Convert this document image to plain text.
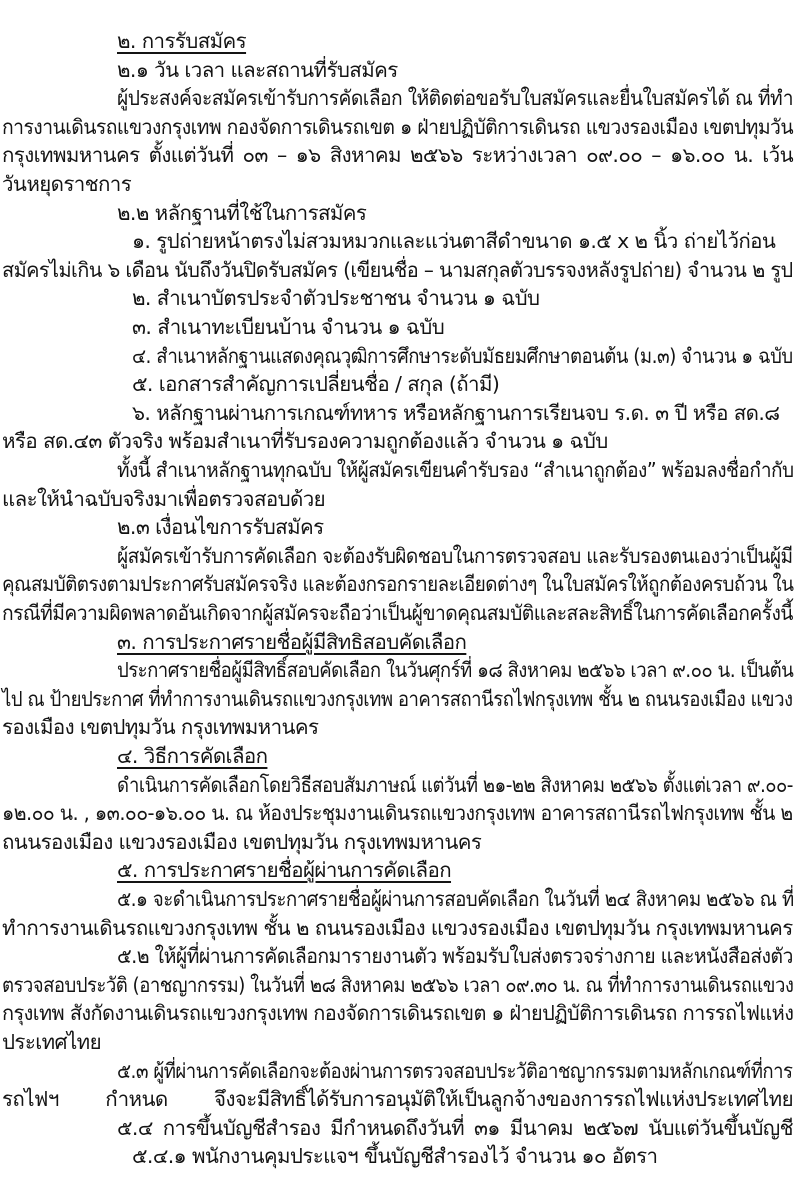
๒. การรับสมัคร
๒.๑ วัน เวลา และสถานที่รับสมัคร
ผู้ประสงค์จะสมัครเข้ารับการคัดเลือก ให้ติดต่อขอรับใบสมัครและยื่นใบสมัครได้ ณ ที่ทำ
การงานเดินรถแขวงกรุงเทพ กองจัดการเดินรถเขต ๑ ฝ่ายปฏิบัติการเดินรถ แขวงรองเมือง เขตปทุมวัน
กรุงเทพมหานคร ตั้งแต่วันที่ ๐๓ – ๑๖ สิงหาคม ๒๕๖๖ ระหว่างเวลา ๐๙.๐๐ – ๑๖.๐๐ น. เว้น
วันหยุดราชการ
๒.๒ หลักฐานที่ใช้ในการสมัคร
๑. รูปถ่ายหน้าตรงไม่สวมหมวกและแว่นตาสีดำขนาด ๑.๕ x ๒ นิ้ว ถ่ายไว้ก่อน
สมัครไม่เกิน ๖ เดือน นับถึงวันปิดรับสมัคร (เขียนชื่อ – นามสกุลตัวบรรจงหลังรูปถ่าย) จำนวน ๒ รูป
๒. สำเนาบัตรประจำตัวประชาชน จำนวน ๑ ฉบับ
๓. สำเนาทะเบียนบ้าน จำนวน ๑ ฉบับ
๔. สำเนาหลักฐานแสดงคุณวุฒิการศึกษาระดับมัธยมศึกษาตอนต้น (ม.๓) จำนวน ๑ ฉบับ
๕. เอกสารสำคัญการเปลี่ยนชื่อ / สกุล (ถ้ามี)
๖. หลักฐานผ่านการเกณฑ์ทหาร หรือหลักฐานการเรียนจบ ร.ด. ๓ ปี หรือ สด.๘
หรือ สด.๔๓ ตัวจริง พร้อมสำเนาที่รับรองความถูกต้องแล้ว จำนวน ๑ ฉบับ
ทั้งนี้ สำเนาหลักฐานทุกฉบับ ให้ผู้สมัครเขียนคำรับรอง “สำเนาถูกต้อง” พร้อมลงชื่อกำกับ
และให้นำฉบับจริงมาเพื่อตรวจสอบด้วย
๒.๓ เงื่อนไขการรับสมัคร
ผู้สมัครเข้ารับการคัดเลือก จะต้องรับผิดชอบในการตรวจสอบ และรับรองตนเองว่าเป็นผู้มี
คุณสมบัติตรงตามประกาศรับสมัครจริง และต้องกรอกรายละเอียดต่างๆ ในใบสมัครให้ถูกต้องครบถ้วน ใน
กรณีที่มีความผิดพลาดอันเกิดจากผู้สมัครจะถือว่าเป็นผู้ขาดคุณสมบัติและสละสิทธิ์ในการคัดเลือกครั้งนี้
๓. การประกาศรายชื่อผู้มีสิทธิสอบคัดเลือก
ประกาศรายชื่อผู้มีสิทธิ์สอบคัดเลือก ในวันศุกร์ที่ ๑๘ สิงหาคม ๒๕๖๖ เวลา ๙.๐๐ น. เป็นต้น
ไป ณ ป้ายประกาศ ที่ทำการงานเดินรถแขวงกรุงเทพ อาคารสถานีรถไฟกรุงเทพ ชั้น ๒ ถนนรองเมือง แขวง
รองเมือง เขตปทุมวัน กรุงเทพมหานคร
๔. วิธีการคัดเลือก
ดำเนินการคัดเลือกโดยวิธีสอบสัมภาษณ์ แต่วันที่ ๒๑-๒๒ สิงหาคม ๒๕๖๖ ตั้งแต่เวลา ๙.๐๐-
๑๒.๐๐ น. , ๑๓.๐๐-๑๖.๐๐ น. ณ ห้องประชุมงานเดินรถแขวงกรุงเทพ อาคารสถานีรถไฟกรุงเทพ ชั้น ๒
ถนนรองเมือง แขวงรองเมือง เขตปทุมวัน กรุงเทพมหานคร
๕. การประกาศรายชื่อผู้ผ่านการคัดเลือก
๕.๑ จะดำเนินการประกาศรายชื่อผู้ผ่านการสอบคัดเลือก ในวันที่ ๒๔ สิงหาคม ๒๕๖๖ ณ ที่
ทำการงานเดินรถแขวงกรุงเทพ ชั้น ๒ ถนนรองเมือง แขวงรองเมือง เขตปทุมวัน กรุงเทพมหานคร
๕.๒ ให้ผู้ที่ผ่านการคัดเลือกมารายงานตัว พร้อมรับใบส่งตรวจร่างกาย และหนังสือส่งตัว
ตรวจสอบประวัติ (อาชญากรรม) ในวันที่ ๒๘ สิงหาคม ๒๕๖๖ เวลา ๐๙.๓๐ น. ณ ที่ทำการงานเดินรถแขวง
กรุงเทพ สังกัดงานเดินรถแขวงกรุงเทพ กองจัดการเดินรถเขต ๑ ฝ่ายปฏิบัติการเดินรถ การรถไฟแห่ง
ประเทศไทย
๕.๓ ผู้ที่ผ่านการคัดเลือกจะต้องผ่านการตรวจสอบประวัติอาชญากรรมตามหลักเกณฑ์ที่การ
รถไฟฯ กำหนด จึงจะมีสิทธิ์ได้รับการอนุมัติให้เป็นลูกจ้างของการรถไฟแห่งประเทศไทย
๕.๔ การขึ้นบัญชีสำรอง มีกำหนดถึงวันที่ ๓๑ มีนาคม ๒๕๖๗ นับแต่วันขึ้นบัญชี
๕.๔.๑ พนักงานคุมประแจฯ ขึ้นบัญชีสำรองไว้ จำนวน ๑๐ อัตรา
